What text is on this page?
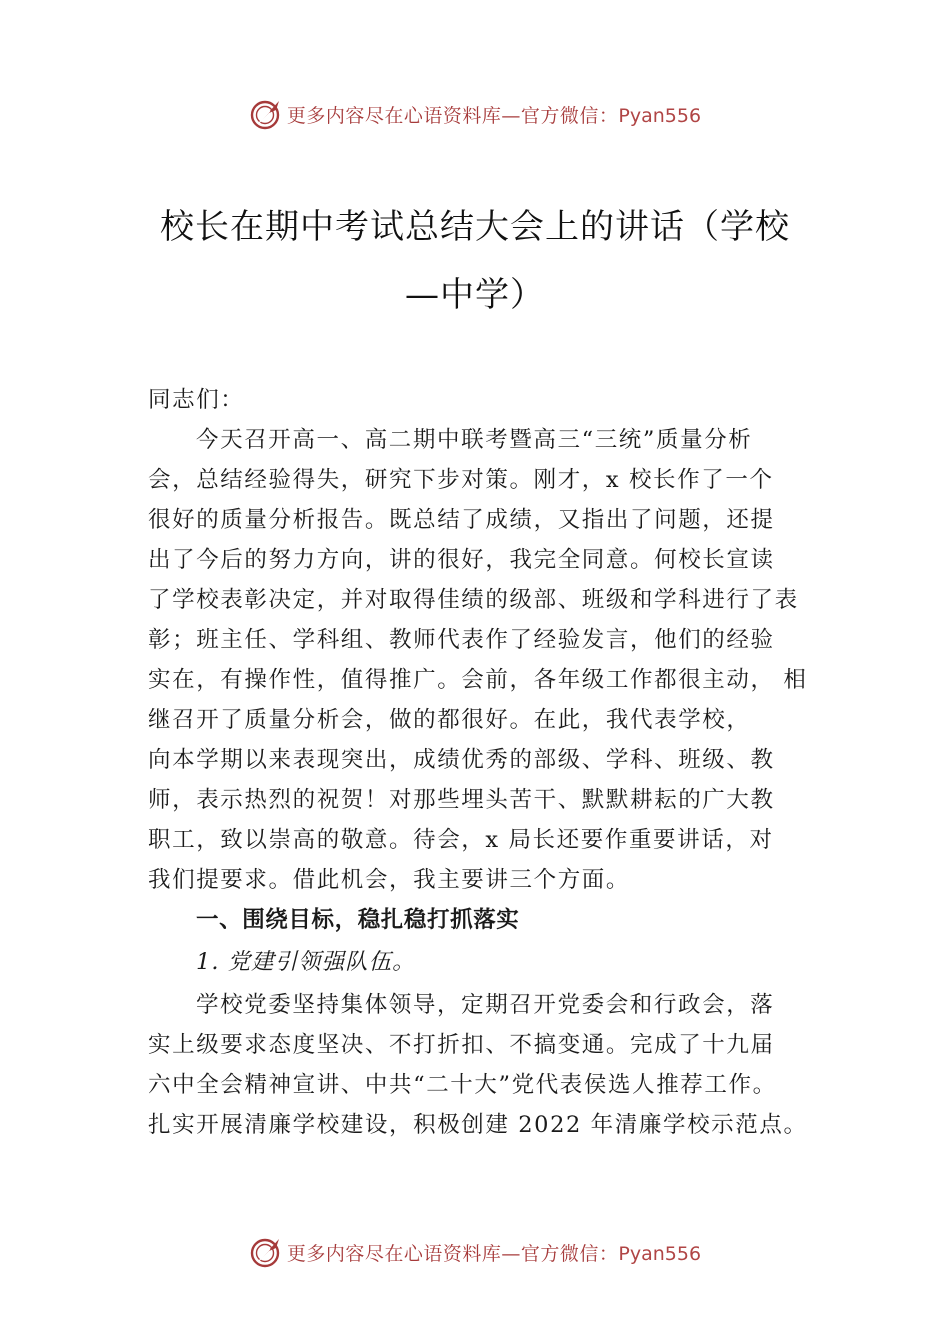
更多内容尽在心语资料库—官方微信：Pyan556
校长在期中考试总结大会上的讲话（学校
—中学）
同志们：
今天召开高一、高二期中联考暨高三“三统”质量分析
会，总结经验得失，研究下步对策。刚才，x 校长作了一个
很好的质量分析报告。既总结了成绩，又指出了问题，还提
出了今后的努力方向，讲的很好，我完全同意。何校长宣读
了学校表彰决定，并对取得佳绩的级部、班级和学科进行了表
彰；班主任、学科组、教师代表作了经验发言，他们的经验
实在，有操作性，值得推广。会前，各年级工作都很主动， 相
继召开了质量分析会，做的都很好。在此，我代表学校，
向本学期以来表现突出，成绩优秀的部级、学科、班级、教
师，表示热烈的祝贺！对那些埋头苦干、默默耕耘的广大教
职工，致以崇高的敬意。待会，x 局长还要作重要讲话，对
我们提要求。借此机会，我主要讲三个方面。
一、围绕目标，稳扎稳打抓落实
1. 党建引领强队伍。
学校党委坚持集体领导，定期召开党委会和行政会，落
实上级要求态度坚决、不打折扣、不搞变通。完成了十九届
六中全会精神宣讲、中共“二十大”党代表侯选人推荐工作。
扎实开展清廉学校建设，积极创建 2022 年清廉学校示范点。
更多内容尽在心语资料库—官方微信：Pyan556
